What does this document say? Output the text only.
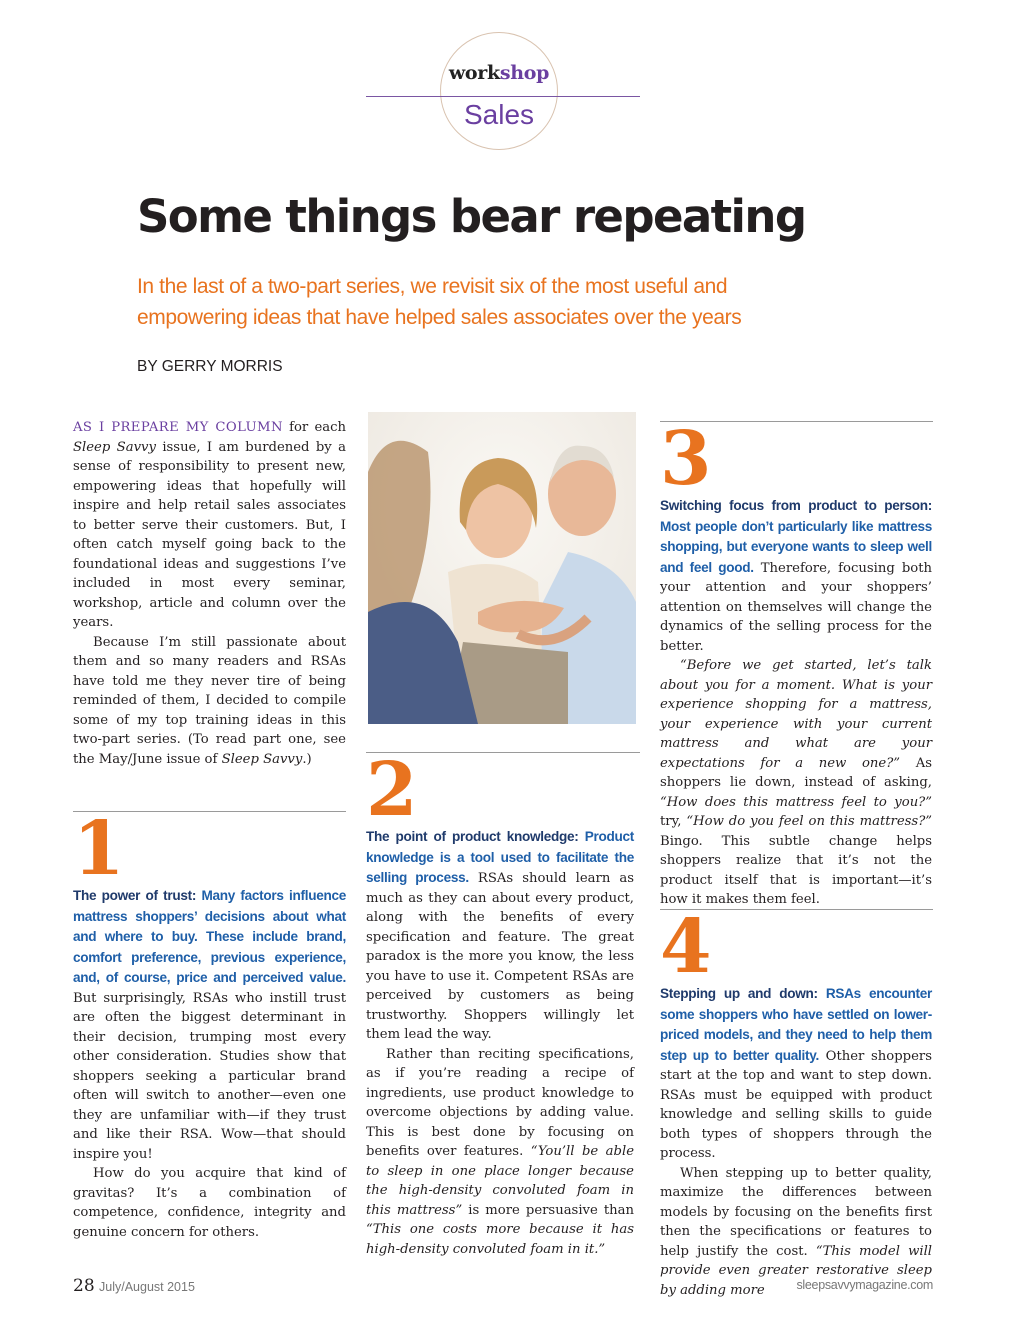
workshop
Sales
Some things bear repeating
In the last of a two-part series, we revisit six of the most useful and empowering ideas that have helped sales associates over the years
BY GERRY MORRIS

AS I PREPARE MY COLUMN for each Sleep Savvy issue, I am burdened by a sense of responsibility to present new, empowering ideas that hopefully will inspire and help retail sales associates to better serve their customers. But, I often catch myself going back to the foundational ideas and suggestions I’ve included in most every seminar, workshop, article and column over the years.

Because I’m still passionate about them and so many readers and RSAs have told me they never tire of being reminded of them, I decided to compile some of my top training ideas in this two-part series. (To read part one, see the May/June issue of Sleep Savvy.)

1

The power of trust: Many factors influence mattress shoppers’ decisions about what and where to buy. These include brand, comfort preference, previous experience, and, of course, price and perceived value. But surprisingly, RSAs who instill trust are often the biggest determinant in their decision, trumping most every other consideration. Studies show that shoppers seeking a particular brand often will switch to another—even one they are unfamiliar with—if they trust and like their RSA. Wow—that should inspire you!

How do you acquire that kind of gravitas? It’s a combination of competence, confidence, integrity and genuine concern for others.

2

The point of product knowledge: Product knowledge is a tool used to facilitate the selling process. RSAs should learn as much as they can about every product, along with the benefits of every specification and feature. The great paradox is the more you know, the less you have to use it. Competent RSAs are perceived by customers as being trustworthy. Shoppers willingly let them lead the way.

Rather than reciting specifications, as if you’re reading a recipe of ingredients, use product knowledge to overcome objections by adding value. This is best done by focusing on benefits over features. “You’ll be able to sleep in one place longer because the high-density convoluted foam in this mattress” is more persuasive than “This one costs more because it has high-density convoluted foam in it.”

3

Switching focus from product to person: Most people don’t particularly like mattress shopping, but everyone wants to sleep well and feel good. Therefore, focusing both your attention and your shoppers’ attention on themselves will change the dynamics of the selling process for the better.

“Before we get started, let’s talk about you for a moment. What is your experience shopping for a mattress, your experience with your current mattress and what are your expectations for a new one?” As shoppers lie down, instead of asking, “How does this mattress feel to you?” try, “How do you feel on this mattress?” Bingo. This subtle change helps shoppers realize that it’s not the product itself that is important—it’s how it makes them feel.

4

Stepping up and down: RSAs encounter some shoppers who have settled on lower-priced models, and they need to help them step up to better quality. Other shoppers start at the top and want to step down. RSAs must be equipped with product knowledge and selling skills to guide both types of shoppers through the process.

When stepping up to better quality, maximize the differences between models by focusing on the benefits first then the specifications or features to help justify the cost. “This model will provide even greater restorative sleep by adding more

28 July/August 2015	sleepsavvymagazine.com
